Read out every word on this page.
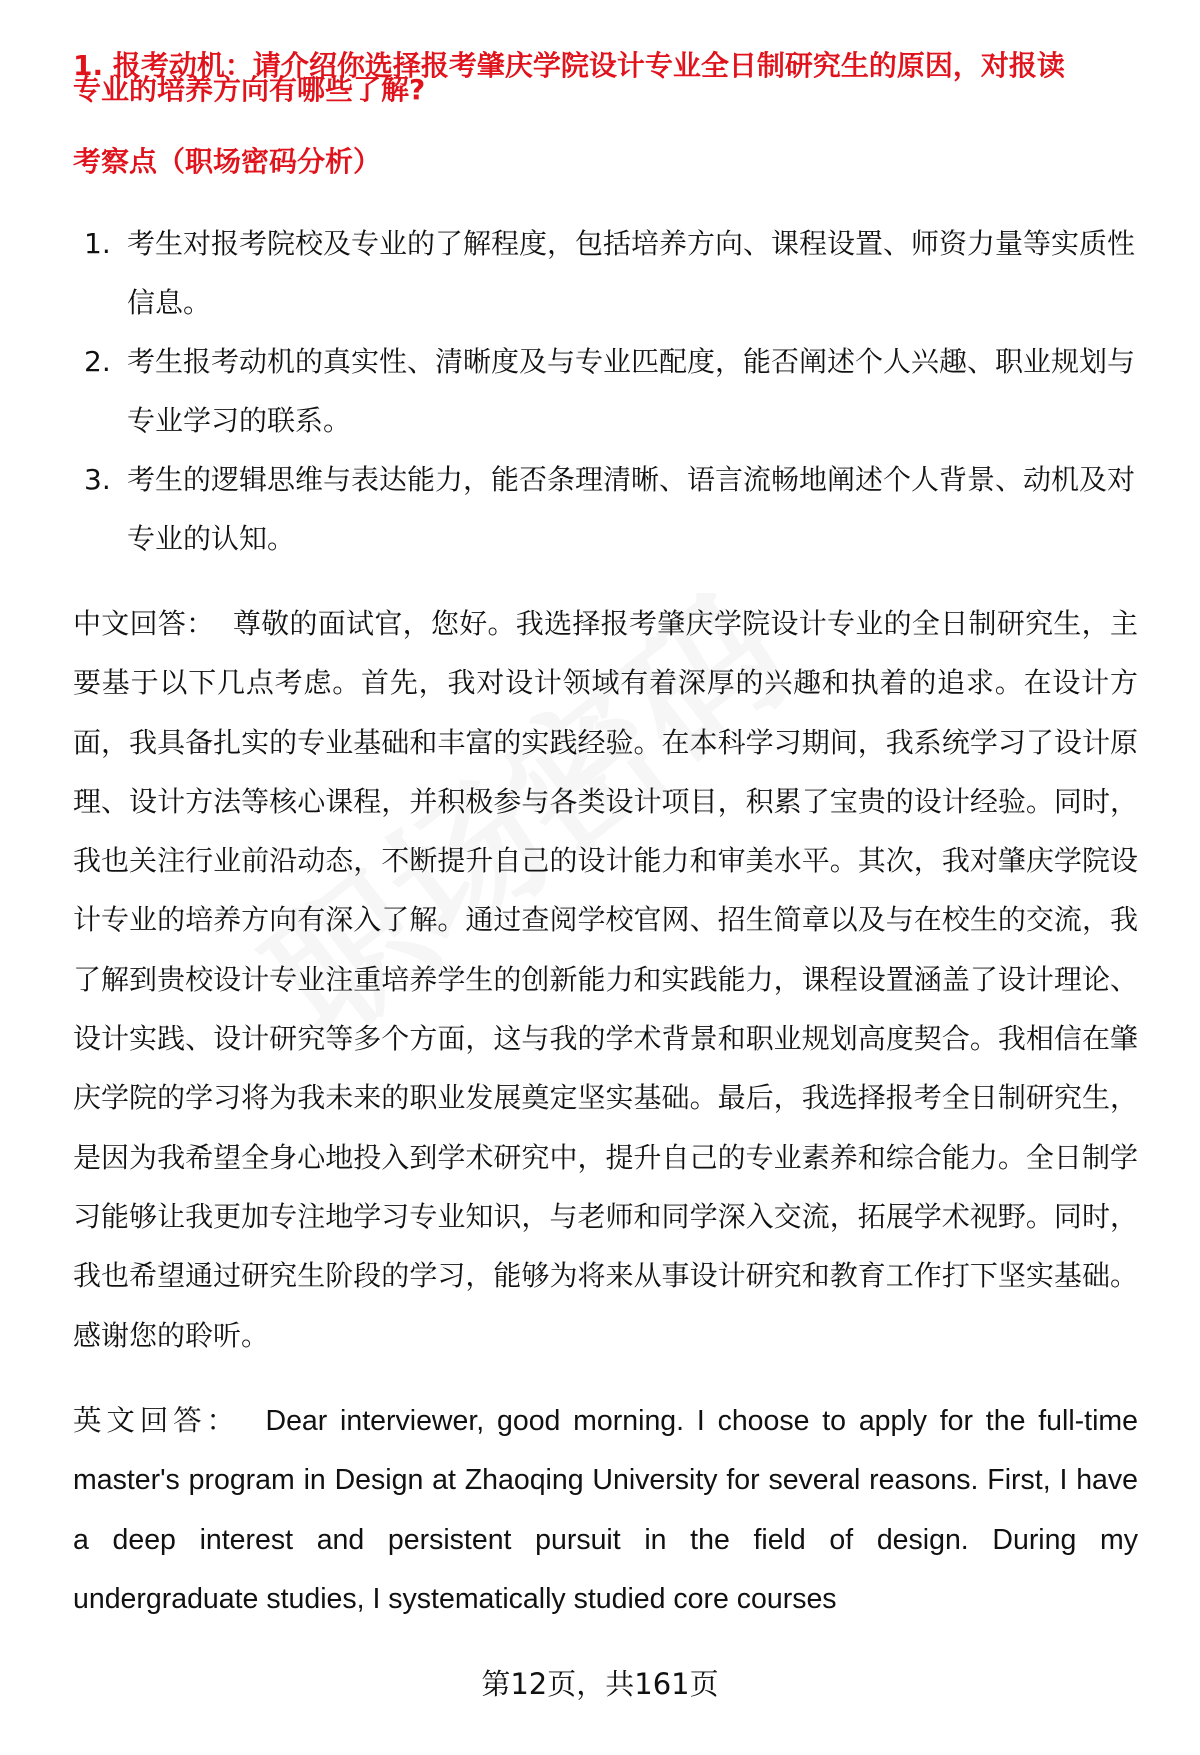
1. 报考动机：请介绍你选择报考肇庆学院设计专业全日制研究生的原因，对报读
专业的培养方向有哪些了解?
考察点（职场密码分析）
1. 考生对报考院校及专业的了解程度，包括培养方向、课程设置、师资力量等实质性信息。
2. 考生报考动机的真实性、清晰度及与专业匹配度，能否阐述个人兴趣、职业规划与专业学习的联系。
3. 考生的逻辑思维与表达能力，能否条理清晰、语言流畅地阐述个人背景、动机及对专业的认知。

中文回答： 尊敬的面试官，您好。我选择报考肇庆学院设计专业的全日制研究生，主要基于以下几点考虑。首先，我对设计领域有着深厚的兴趣和执着的追求。在设计方面，我具备扎实的专业基础和丰富的实践经验。在本科学习期间，我系统学习了设计原理、设计方法等核心课程，并积极参与各类设计项目，积累了宝贵的设计经验。同时，我也关注行业前沿动态，不断提升自己的设计能力和审美水平。其次，我对肇庆学院设计专业的培养方向有深入了解。通过查阅学校官网、招生简章以及与在校生的交流，我了解到贵校设计专业注重培养学生的创新能力和实践能力，课程设置涵盖了设计理论、设计实践、设计研究等多个方面，这与我的学术背景和职业规划高度契合。我相信在肇庆学院的学习将为我未来的职业发展奠定坚实基础。最后，我选择报考全日制研究生，是因为我希望全身心地投入到学术研究中，提升自己的专业素养和综合能力。全日制学习能够让我更加专注地学习专业知识，与老师和同学深入交流，拓展学术视野。同时，我也希望通过研究生阶段的学习，能够为将来从事设计研究和教育工作打下坚实基础。感谢您的聆听。

英文回答： Dear interviewer, good morning. I choose to apply for the full-time master's program in Design at Zhaoqing University for several reasons. First, I have a deep interest and persistent pursuit in the field of design. During my undergraduate studies, I systematically studied core courses

第12页，共161页
